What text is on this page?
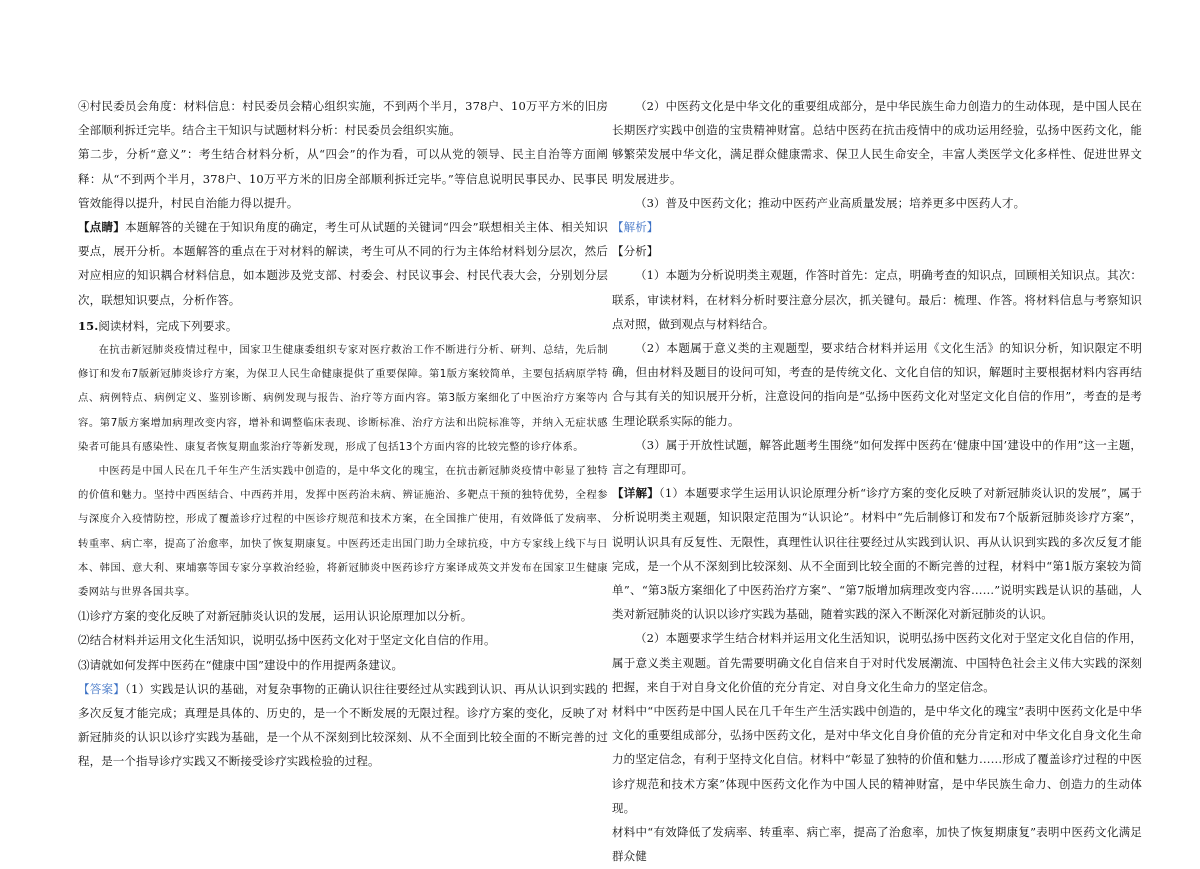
④村民委员会角度：材料信息：村民委员会精心组织实施，不到两个半月，378户、10万平方米的旧房全部顺利拆迁完毕。结合主干知识与试题材料分析：村民委员会组织实施。

第二步，分析“意义”：考生结合材料分析，从“四会”的作为看，可以从党的领导、民主自治等方面阐释：从“不到两个半月，378户、10万平方米的旧房全部顺利拆迁完毕。”等信息说明民事民办、民事民管效能得以提升，村民自治能力得以提升。

【点睛】本题解答的关键在于知识角度的确定，考生可从试题的关键词“四会”联想相关主体、相关知识要点，展开分析。本题解答的重点在于对材料的解读，考生可从不同的行为主体给材料划分层次，然后对应相应的知识耦合材料信息，如本题涉及党支部、村委会、村民议事会、村民代表大会，分别划分层次，联想知识要点，分析作答。

15.阅读材料，完成下列要求。

在抗击新冠肺炎疫情过程中，国家卫生健康委组织专家对医疗救治工作不断进行分析、研判、总结，先后制修订和发布7版新冠肺炎诊疗方案，为保卫人民生命健康提供了重要保障。第1版方案较简单，主要包括病原学特点、病例特点、病例定义、鉴别诊断、病例发现与报告、治疗等方面内容。第3版方案细化了中医治疗方案等内容。第7版方案增加病理改变内容，增补和调整临床表现、诊断标准、治疗方法和出院标准等，并纳入无症状感染者可能具有感染性、康复者恢复期血浆治疗等新发现，形成了包括13个方面内容的比较完整的诊疗体系。

中医药是中国人民在几千年生产生活实践中创造的，是中华文化的瑰宝，在抗击新冠肺炎疫情中彰显了独特的价值和魅力。坚持中西医结合、中西药并用，发挥中医药治未病、辨证施治、多靶点干预的独特优势，全程参与深度介入疫情防控，形成了覆盖诊疗过程的中医诊疗规范和技术方案，在全国推广使用，有效降低了发病率、转重率、病亡率，提高了治愈率，加快了恢复期康复。中医药还走出国门助力全球抗疫，中方专家线上线下与日本、韩国、意大利、柬埔寨等国专家分享救治经验，将新冠肺炎中医药诊疗方案译成英文并发布在国家卫生健康委网站与世界各国共享。

⑴诊疗方案的变化反映了对新冠肺炎认识的发展，运用认识论原理加以分析。

⑵结合材料并运用文化生活知识，说明弘扬中医药文化对于坚定文化自信的作用。

⑶请就如何发挥中医药在“健康中国”建设中的作用提两条建议。

【答案】（1）实践是认识的基础，对复杂事物的正确认识往往要经过从实践到认识、再从认识到实践的多次反复才能完成；真理是具体的、历史的，是一个不断发展的无限过程。诊疗方案的变化，反映了对新冠肺炎的认识以诊疗实践为基础，是一个从不深刻到比较深刻、从不全面到比较全面的不断完善的过程，是一个指导诊疗实践又不断接受诊疗实践检验的过程。

（2）中医药文化是中华文化的重要组成部分，是中华民族生命力创造力的生动体现，是中国人民在长期医疗实践中创造的宝贵精神财富。总结中医药在抗击疫情中的成功运用经验，弘扬中医药文化，能够繁荣发展中华文化，满足群众健康需求、保卫人民生命安全，丰富人类医学文化多样性、促进世界文明发展进步。

（3）普及中医药文化；推动中医药产业高质量发展；培养更多中医药人才。

【解析】

【分析】

（1）本题为分析说明类主观题，作答时首先：定点，明确考查的知识点，回顾相关知识点。其次：联系，审读材料，在材料分析时要注意分层次，抓关键句。最后：梳理、作答。将材料信息与考察知识点对照，做到观点与材料结合。

（2）本题属于意义类的主观题型，要求结合材料并运用《文化生活》的知识分析，知识限定不明确，但由材料及题目的设问可知，考查的是传统文化、文化自信的知识，解题时主要根据材料内容再结合与其有关的知识展开分析，注意设问的指向是“弘扬中医药文化对坚定文化自信的作用”，考查的是考生理论联系实际的能力。

（3）属于开放性试题，解答此题考生围绕“如何发挥中医药在‘健康中国’建设中的作用”这一主题，言之有理即可。

【详解】（1）本题要求学生运用认识论原理分析“诊疗方案的变化反映了对新冠肺炎认识的发展”，属于分析说明类主观题，知识限定范围为“认识论”。材料中“先后制修订和发布7个版新冠肺炎诊疗方案”，说明认识具有反复性、无限性，真理性认识往往要经过从实践到认识、再从认识到实践的多次反复才能完成，是一个从不深刻到比较深刻、从不全面到比较全面的不断完善的过程，材料中“第1版方案较为简单”、“第3版方案细化了中医药治疗方案”、“第7版增加病理改变内容……”说明实践是认识的基础，人类对新冠肺炎的认识以诊疗实践为基础，随着实践的深入不断深化对新冠肺炎的认识。

（2）本题要求学生结合材料并运用文化生活知识，说明弘扬中医药文化对于坚定文化自信的作用，属于意义类主观题。首先需要明确文化自信来自于对时代发展潮流、中国特色社会主义伟大实践的深刻把握，来自于对自身文化价值的充分肯定、对自身文化生命力的坚定信念。

材料中“中医药是中国人民在几千年生产生活实践中创造的，是中华文化的瑰宝”表明中医药文化是中华文化的重要组成部分，弘扬中医药文化，是对中华文化自身价值的充分肯定和对中华文化自身文化生命力的坚定信念，有利于坚持文化自信。材料中“彰显了独特的价值和魅力……形成了覆盖诊疗过程的中医诊疗规范和技术方案”体现中医药文化作为中国人民的精神财富，是中华民族生命力、创造力的生动体现。

材料中“有效降低了发病率、转重率、病亡率，提高了治愈率，加快了恢复期康复”表明中医药文化满足群众健
